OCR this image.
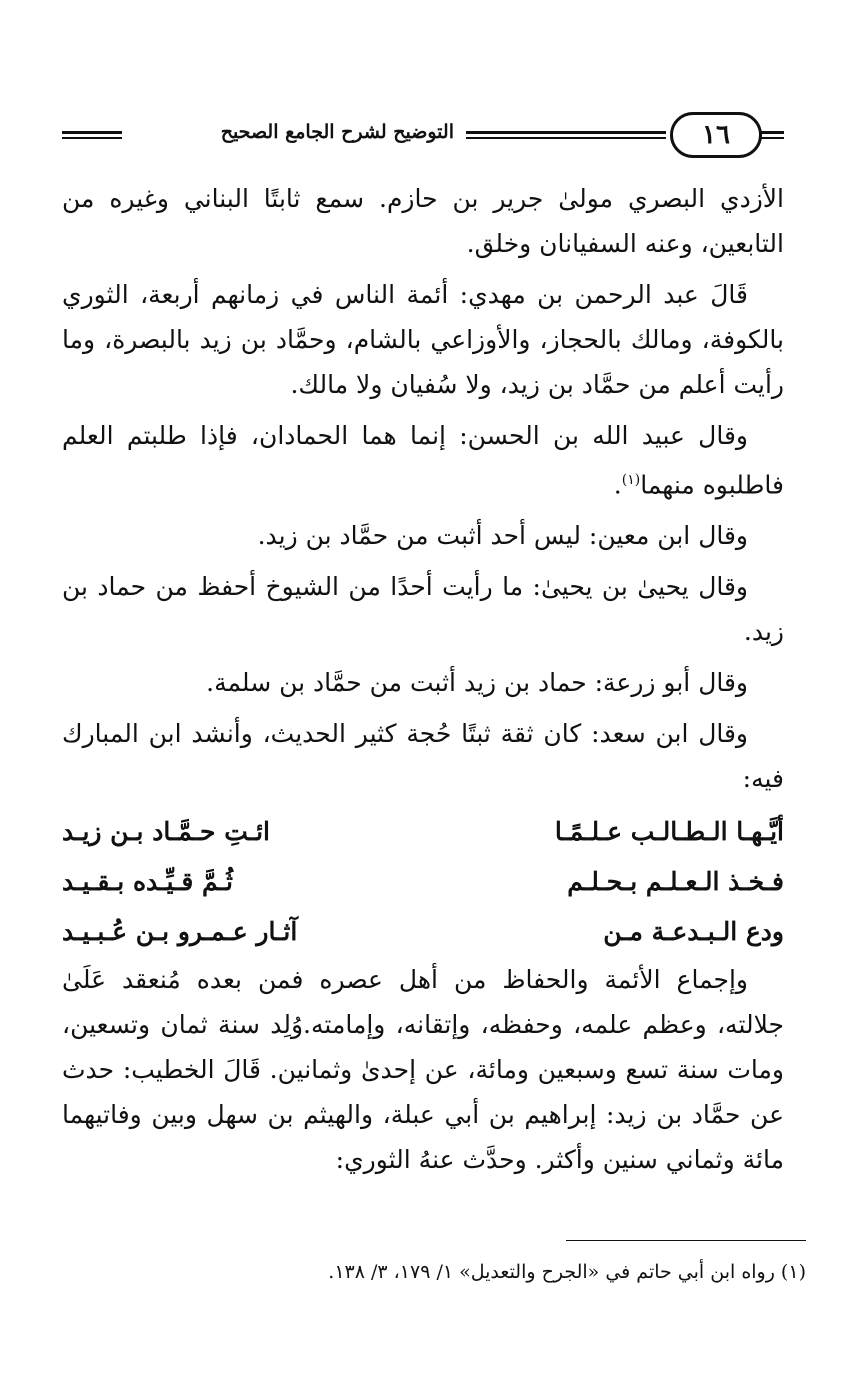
١٦
التوضيح لشرح الجامع الصحيح

الأزدي البصري مولىٰ جرير بن حازم. سمع ثابتًا البناني وغيره من التابعين، وعنه السفيانان وخلق.

قَالَ عبد الرحمن بن مهدي: أئمة الناس في زمانهم أربعة، الثوري بالكوفة، ومالك بالحجاز، والأوزاعي بالشام، وحمَّاد بن زيد بالبصرة، وما رأيت أعلم من حمَّاد بن زيد، ولا سُفيان ولا مالك.

وقال عبيد الله بن الحسن: إنما هما الحمادان، فإذا طلبتم العلم فاطلبوه منهما$^{(١)}$.

وقال ابن معين: ليس أحد أثبت من حمَّاد بن زيد.

وقال يحيىٰ بن يحيىٰ: ما رأيت أحدًا من الشيوخ أحفظ من حماد بن زيد.

وقال أبو زرعة: حماد بن زيد أثبت من حمَّاد بن سلمة.

وقال ابن سعد: كان ثقة ثبتًا حُجة كثير الحديث، وأنشد ابن المبارك فيه:

أيَّـهـا الـطـالـب عـلـمًـا
ائـتِ حـمَّـاد بـن زيـد
فـخـذ الـعـلـم بـحـلـم
ثُـمَّ قـيِّـده بـقـيـد
ودع الـبـدعـة مـن
آثـار عـمـرو بـن عُـبـيـد

وإجماع الأئمة والحفاظ من أهل عصره فمن بعده مُنعقد عَلَىٰ جلالته، وعظم علمه، وحفظه، وإتقانه، وإمامته.وُلِد سنة ثمان وتسعين، ومات سنة تسع وسبعين ومائة، عن إحدىٰ وثمانين. قَالَ الخطيب: حدث عن حمَّاد بن زيد: إبراهيم بن أبي عبلة، والهيثم بن سهل وبين وفاتيهما مائة وثماني سنين وأكثر. وحدَّث عنهُ الثوري:

(١) رواه ابن أبي حاتم في «الجرح والتعديل» ١/ ١٧٩، ٣/ ١٣٨.
